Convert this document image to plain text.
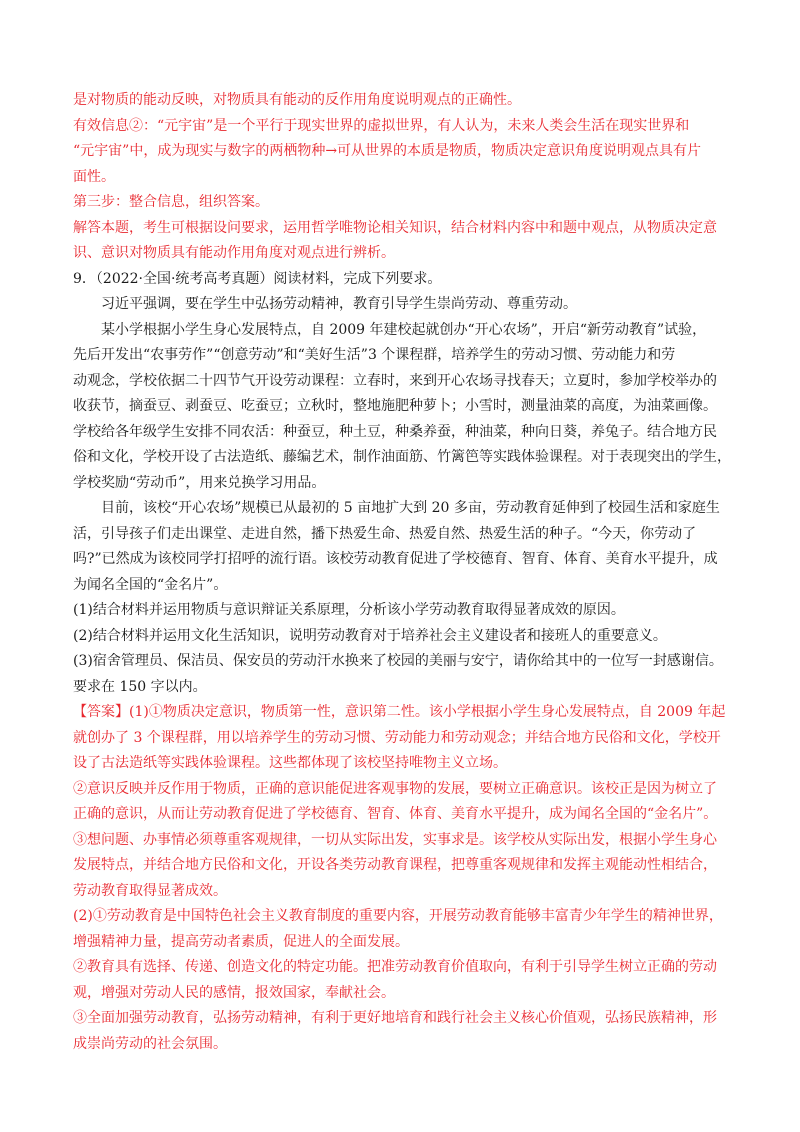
是对物质的能动反映，对物质具有能动的反作用角度说明观点的正确性。
有效信息②：“元宇宙”是一个平行于现实世界的虚拟世界，有人认为，未来人类会生活在现实世界和
“元宇宙”中，成为现实与数字的两栖物种→可从世界的本质是物质，物质决定意识角度说明观点具有片
面性。
第三步：整合信息，组织答案。
解答本题，考生可根据设问要求，运用哲学唯物论相关知识，结合材料内容中和题中观点，从物质决定意
识、意识对物质具有能动作用角度对观点进行辨析。
9．（2022·全国·统考高考真题）阅读材料，完成下列要求。
习近平强调，要在学生中弘扬劳动精神，教育引导学生崇尚劳动、尊重劳动。
某小学根据小学生身心发展特点，自 2009 年建校起就创办“开心农场”，开启“新劳动教育”试验，
先后开发出“农事劳作”“创意劳动”和“美好生活”3 个课程群，培养学生的劳动习惯、劳动能力和劳
动观念，学校依据二十四节气开设劳动课程：立春时，来到开心农场寻找春天；立夏时，参加学校举办的
收获节，摘蚕豆、剥蚕豆、吃蚕豆；立秋时，整地施肥种萝卜；小雪时，测量油菜的高度，为油菜画像。
学校给各年级学生安排不同农活：种蚕豆，种土豆，种桑养蚕，种油菜，种向日葵，养兔子。结合地方民
俗和文化，学校开设了古法造纸、藤编艺术，制作油面筋、竹篱笆等实践体验课程。对于表现突出的学生，
学校奖励“劳动币”，用来兑换学习用品。
目前，该校“开心农场”规模已从最初的 5 亩地扩大到 20 多亩，劳动教育延伸到了校园生活和家庭生
活，引导孩子们走出课堂、走进自然，播下热爱生命、热爱自然、热爱生活的种子。“今天，你劳动了
吗?”已然成为该校同学打招呼的流行语。该校劳动教育促进了学校德育、智育、体育、美育水平提升，成
为闻名全国的“金名片”。
(1)结合材料并运用物质与意识辩证关系原理，分析该小学劳动教育取得显著成效的原因。
(2)结合材料并运用文化生活知识，说明劳动教育对于培养社会主义建设者和接班人的重要意义。
(3)宿舍管理员、保洁员、保安员的劳动汗水换来了校园的美丽与安宁，请你给其中的一位写一封感谢信。
要求在 150 字以内。
【答案】(1)①物质决定意识，物质第一性，意识第二性。该小学根据小学生身心发展特点，自 2009 年起
就创办了 3 个课程群，用以培养学生的劳动习惯、劳动能力和劳动观念；并结合地方民俗和文化，学校开
设了古法造纸等实践体验课程。这些都体现了该校坚持唯物主义立场。
②意识反映并反作用于物质，正确的意识能促进客观事物的发展，要树立正确意识。该校正是因为树立了
正确的意识，从而让劳动教育促进了学校德育、智育、体育、美育水平提升，成为闻名全国的“金名片”。
③想问题、办事情必须尊重客观规律，一切从实际出发，实事求是。该学校从实际出发，根据小学生身心
发展特点，并结合地方民俗和文化，开设各类劳动教育课程，把尊重客观规律和发挥主观能动性相结合，
劳动教育取得显著成效。
(2)①劳动教育是中国特色社会主义教育制度的重要内容，开展劳动教育能够丰富青少年学生的精神世界，
增强精神力量，提高劳动者素质，促进人的全面发展。
②教育具有选择、传递、创造文化的特定功能。把准劳动教育价值取向，有利于引导学生树立正确的劳动
观，增强对劳动人民的感情，报效国家，奉献社会。
③全面加强劳动教育，弘扬劳动精神，有利于更好地培育和践行社会主义核心价值观，弘扬民族精神，形
成崇尚劳动的社会氛围。
